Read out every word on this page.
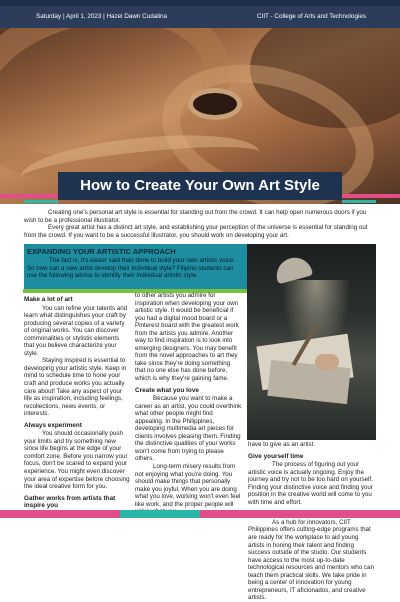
Saturday | April 1, 2023 | Hazel Dawn Cudalina	CIIT - College of Arts and Technologies
How to Create Your Own Art Style

Creating one's personal art style is essential for standing out from the crowd. It can help open numerous doors if you wish to be a professional illustrator.

Every great artist has a distinct art style, and establishing your perception of the universe is essential for standing out from the crowd. If you want to be a successful illustrator, you should work on developing your art.

EXPANDING YOUR ARTISTIC APPROACH

The fact is, it's easier said than done to build your own artistic voice. So how can a new artist develop their individual style? Filipino students can use the following advice to identify their individual artistic style.

Make a lot of art

You can refine your talents and learn what distinguishes your craft by producing several copies of a variety of original works. You can discover commonalities or stylistic elements that you believe characterize your style.

Staying inspired is essential to developing your artistic style. Keep in mind to schedule time to hone your craft and produce works you actually care about! Take any aspect of your life as inspiration, including feelings, recollections, news events, or interests.

Always experiment

You should occasionally push your limits and try something new since life begins at the edge of your comfort zone. Before you narrow your focus, don't be scared to expand your experience. You might even discover your area of expertise before choosing the ideal creative form for you.

Gather works from artists that inspire you

to other artists you admire for inspiration when developing your own artistic style. It would be beneficial if you had a digital mood board or a Pinterest board with the greatest work from the artists you admire. Another way to find inspiration is to look into emerging designers. You may benefit from the novel approaches to art they take since they're doing something that no one else has done before, which is why they're gaining fame.

Create what you love

Because you want to make a career as an artist, you could overthink what other people might find appealing. In the Philippines, developing multimedia art pieces for clients involves pleasing them. Finding the distinctive qualities of your works won't come from trying to please others.

Long-term misery results from not enjoying what you're doing. You should make things that personally make you joyful. When you are doing what you love, working won't even feel like work, and the proper people will

have to give as an artist.

Give yourself time

The process of figuring out your artistic voice is actually ongoing. Enjoy the journey and try not to be too hard on yourself. Finding your distinctive voice and finding your position in the creative world will come to you with time and effort.

As a hub for innovators, CIIT Philippines offers cutting-edge programs that are ready for the workplace to aid young artists in honing their talent and finding success outside of the studio. Our students have access to the most up-to-date technological resources and mentors who can teach them practical skills. We take pride in being a center of innovation for young entrepreneurs, IT aficionados, and creative artists.
